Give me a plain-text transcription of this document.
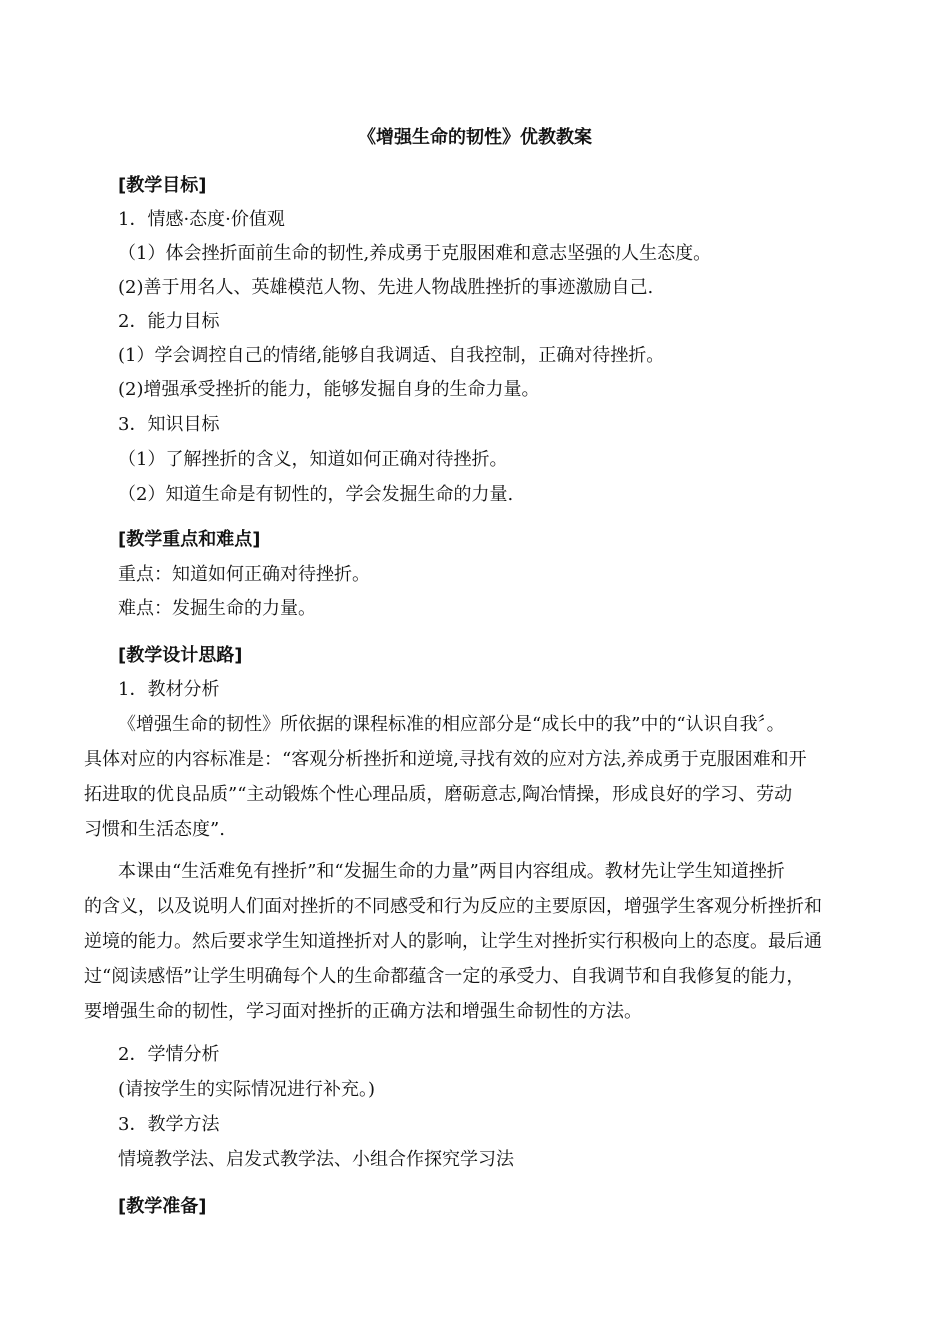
《增强生命的韧性》优教教案
[教学目标]
1．情感·态度·价值观
（1）体会挫折面前生命的韧性,养成勇于克服困难和意志坚强的人生态度。
(2)善于用名人、英雄模范人物、先进人物战胜挫折的事迹激励自己.
2．能力目标
(1）学会调控自己的情绪,能够自我调适、自我控制，正确对待挫折。
(2)增强承受挫折的能力，能够发掘自身的生命力量。
3．知识目标
（1）了解挫折的含义，知道如何正确对待挫折。
（2）知道生命是有韧性的，学会发掘生命的力量.
[教学重点和难点]
重点：知道如何正确对待挫折。
难点：发掘生命的力量。
[教学设计思路]
1．教材分析
《增强生命的韧性》所依据的课程标准的相应部分是“成长中的我”中的“认识自我〞。
具体对应的内容标准是：“客观分析挫折和逆境,寻找有效的应对方法,养成勇于克服困难和开
拓进取的优良品质”“主动锻炼个性心理品质，磨砺意志,陶冶情操，形成良好的学习、劳动
习惯和生活态度”.
本课由“生活难免有挫折”和“发掘生命的力量”两目内容组成。教材先让学生知道挫折
的含义，以及说明人们面对挫折的不同感受和行为反应的主要原因，增强学生客观分析挫折和
逆境的能力。然后要求学生知道挫折对人的影响，让学生对挫折实行积极向上的态度。最后通
过“阅读感悟”让学生明确每个人的生命都蕴含一定的承受力、自我调节和自我修复的能力，
要增强生命的韧性，学习面对挫折的正确方法和增强生命韧性的方法。
2．学情分析
(请按学生的实际情况进行补充。)
3．教学方法
情境教学法、启发式教学法、小组合作探究学习法
[教学准备]
